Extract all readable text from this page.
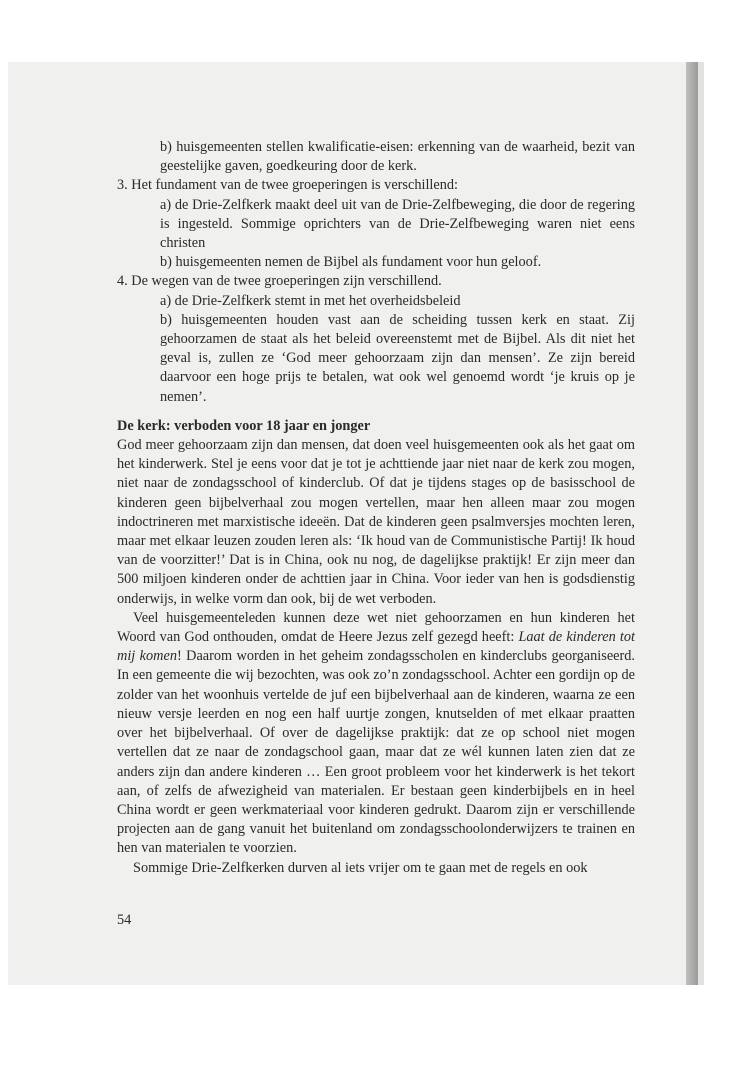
b) huisgemeenten stellen kwalificatie-eisen: erkenning van de waarheid, bezit van geestelijke gaven, goedkeuring door de kerk.

3. Het fundament van de twee groeperingen is verschillend:

a) de Drie-Zelfkerk maakt deel uit van de Drie-Zelfbeweging, die door de regering is ingesteld. Sommige oprichters van de Drie-Zelfbeweging waren niet eens christen

b) huisgemeenten nemen de Bijbel als fundament voor hun geloof.

4. De wegen van de twee groeperingen zijn verschillend.

a) de Drie-Zelfkerk stemt in met het overheidsbeleid

b) huisgemeenten houden vast aan de scheiding tussen kerk en staat. Zij gehoorzamen de staat als het beleid overeenstemt met de Bijbel. Als dit niet het geval is, zullen ze ‘God meer gehoorzaam zijn dan mensen’. Ze zijn bereid daarvoor een hoge prijs te betalen, wat ook wel genoemd wordt ‘je kruis op je nemen’.

De kerk: verboden voor 18 jaar en jonger

God meer gehoorzaam zijn dan mensen, dat doen veel huisgemeenten ook als het gaat om het kinderwerk. Stel je eens voor dat je tot je achttiende jaar niet naar de kerk zou mogen, niet naar de zondagsschool of kinderclub. Of dat je tijdens stages op de basisschool de kinderen geen bijbelverhaal zou mogen vertellen, maar hen alleen maar zou mogen indoctrineren met marxistische ideeën. Dat de kinderen geen psalmversjes mochten leren, maar met elkaar leuzen zouden leren als: ‘Ik houd van de Communistische Partij! Ik houd van de voorzitter!’ Dat is in China, ook nu nog, de dagelijkse praktijk! Er zijn meer dan 500 miljoen kinderen onder de achttien jaar in China. Voor ieder van hen is godsdienstig onderwijs, in welke vorm dan ook, bij de wet verboden.

Veel huisgemeenteleden kunnen deze wet niet gehoorzamen en hun kinderen het Woord van God onthouden, omdat de Heere Jezus zelf gezegd heeft: Laat de kinderen tot mij komen! Daarom worden in het geheim zondagsscholen en kinderclubs georganiseerd. In een gemeente die wij bezochten, was ook zo’n zondagsschool. Achter een gordijn op de zolder van het woonhuis vertelde de juf een bijbelverhaal aan de kinderen, waarna ze een nieuw versje leerden en nog een half uurtje zongen, knutselden of met elkaar praatten over het bijbelverhaal. Of over de dagelijkse praktijk: dat ze op school niet mogen vertellen dat ze naar de zondagschool gaan, maar dat ze wél kunnen laten zien dat ze anders zijn dan andere kinderen … Een groot probleem voor het kinderwerk is het tekort aan, of zelfs de afwezigheid van materialen. Er bestaan geen kinderbijbels en in heel China wordt er geen werkmateriaal voor kinderen gedrukt. Daarom zijn er verschillende projecten aan de gang vanuit het buitenland om zondagsschoolonderwijzers te trainen en hen van materialen te voorzien.

Sommige Drie-Zelfkerken durven al iets vrijer om te gaan met de regels en ook

54
